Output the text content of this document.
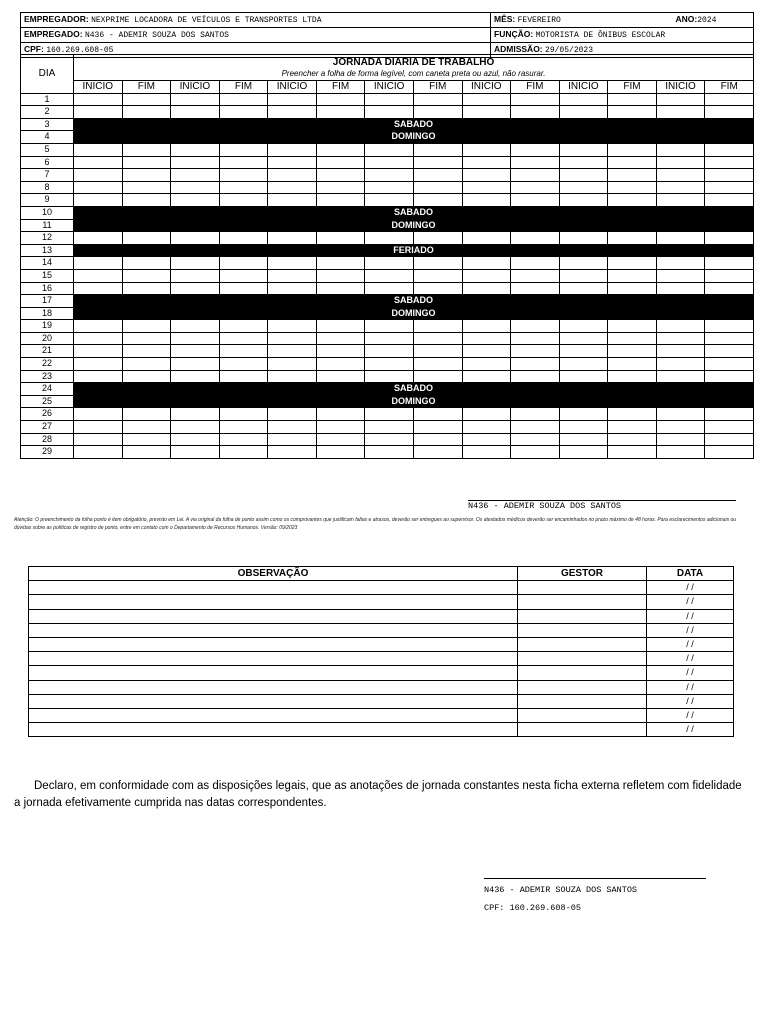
EMPREGADOR: NEXPRIME LOCADORA DE VEÍCULOS E TRANSPORTES LTDA	MÊS: FEVEREIRO ANO:2024

EMPREGADO: N436 - ADEMIR SOUZA DOS SANTOS	FUNÇÃO: MOTORISTA DE ÔNIBUS ESCOLAR
CPF: 160.269.608-05	ADMISSÃO: 29/05/2023
DIA	JORNADA DIARIA DE TRABALHO
Preencher a folha de forma legível, com caneta preta ou azul, não rasurar.													

	INICIO	FIM	INICIO	FIM	INICIO	FIM	INICIO	FIM	INICIO	FIM	INICIO	FIM	INICIO	FIM
1														
2														
3	SABADO													
4	DOMINGO													
5														
6														
7														
8														
9														
10	SABADO													
11	DOMINGO													
12														
13	FERIADO													
14														
15														
16														
17	SABADO													
18	DOMINGO													
19														
20														
21														
22														
23														
24	SABADO													
25	DOMINGO													
26														
27														
28														
29														
N436 - ADEMIR SOUZA DOS SANTOS
Atenção: O preenchimento da folha ponto é item obrigatório, previsto em Lei. A via original da folha de ponto assim como os comprovantes que justificam faltas e atrasos, deverão ser entregues ao supervisor. Os atestados médicos deverão ser encaminhados no prazo máximo de 48 horas. Para esclarecimentos adicionais ou dúvidas sobre as políticas de registro de ponto, entre em contato com o Departamento de Recursos Humanos. Versão: 09/2023
OBSERVAÇÃO	GESTOR	DATA
		/ /
		/ /
		/ /
		/ /
		/ /
		/ /
		/ /
		/ /
		/ /
		/ /
		/ /
Declaro, em conformidade com as disposições legais, que as anotações de jornada constantes nesta ficha externa refletem com fidelidade a jornada efetivamente cumprida nas datas correspondentes.
N436 - ADEMIR SOUZA DOS SANTOS
CPF: 160.269.608-05
